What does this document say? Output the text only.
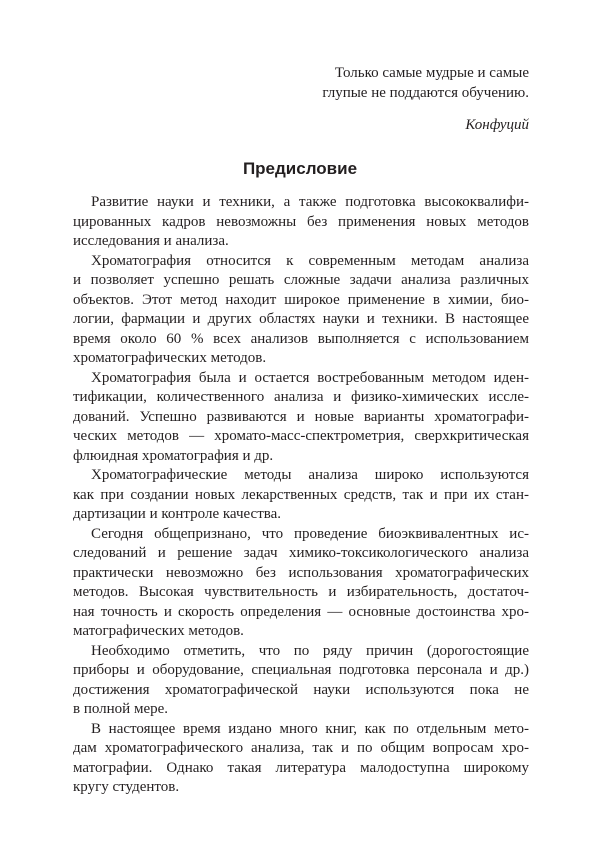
Только самые мудрые и самые
глупые не поддаются обучению.
Конфуций
Предисловие

Развитие науки и техники, а также подготовка высококвалифи-
цированных кадров невозможны без применения новых методов
исследования и анализа.

Хроматография относится к современным методам анализа
и позволяет успешно решать сложные задачи анализа различных
объектов. Этот метод находит широкое применение в химии, био-
логии, фармации и других областях науки и техники. В настоящее
время около 60 % всех анализов выполняется с использованием
хроматографических методов.

Хроматография была и остается востребованным методом иден-
тификации, количественного анализа и физико-химических иссле-
дований. Успешно развиваются и новые варианты хроматографи-
ческих методов — хромато-масс-спектрометрия, сверхкритическая
флюидная хроматография и др.

Хроматографические методы анализа широко используются
как при создании новых лекарственных средств, так и при их стан-
дартизации и контроле качества.

Сегодня общепризнано, что проведение биоэквивалентных ис-
следований и решение задач химико-токсикологического анализа
практически невозможно без использования хроматографических
методов. Высокая чувствительность и избирательность, достаточ-
ная точность и скорость определения — основные достоинства хро-
матографических методов.

Необходимо отметить, что по ряду причин (дорогостоящие
приборы и оборудование, специальная подготовка персонала и др.)
достижения хроматографической науки используются пока не
в полной мере.

В настоящее время издано много книг, как по отдельным мето-
дам хроматографического анализа, так и по общим вопросам хро-
матографии. Однако такая литература малодоступна широкому
кругу студентов.
